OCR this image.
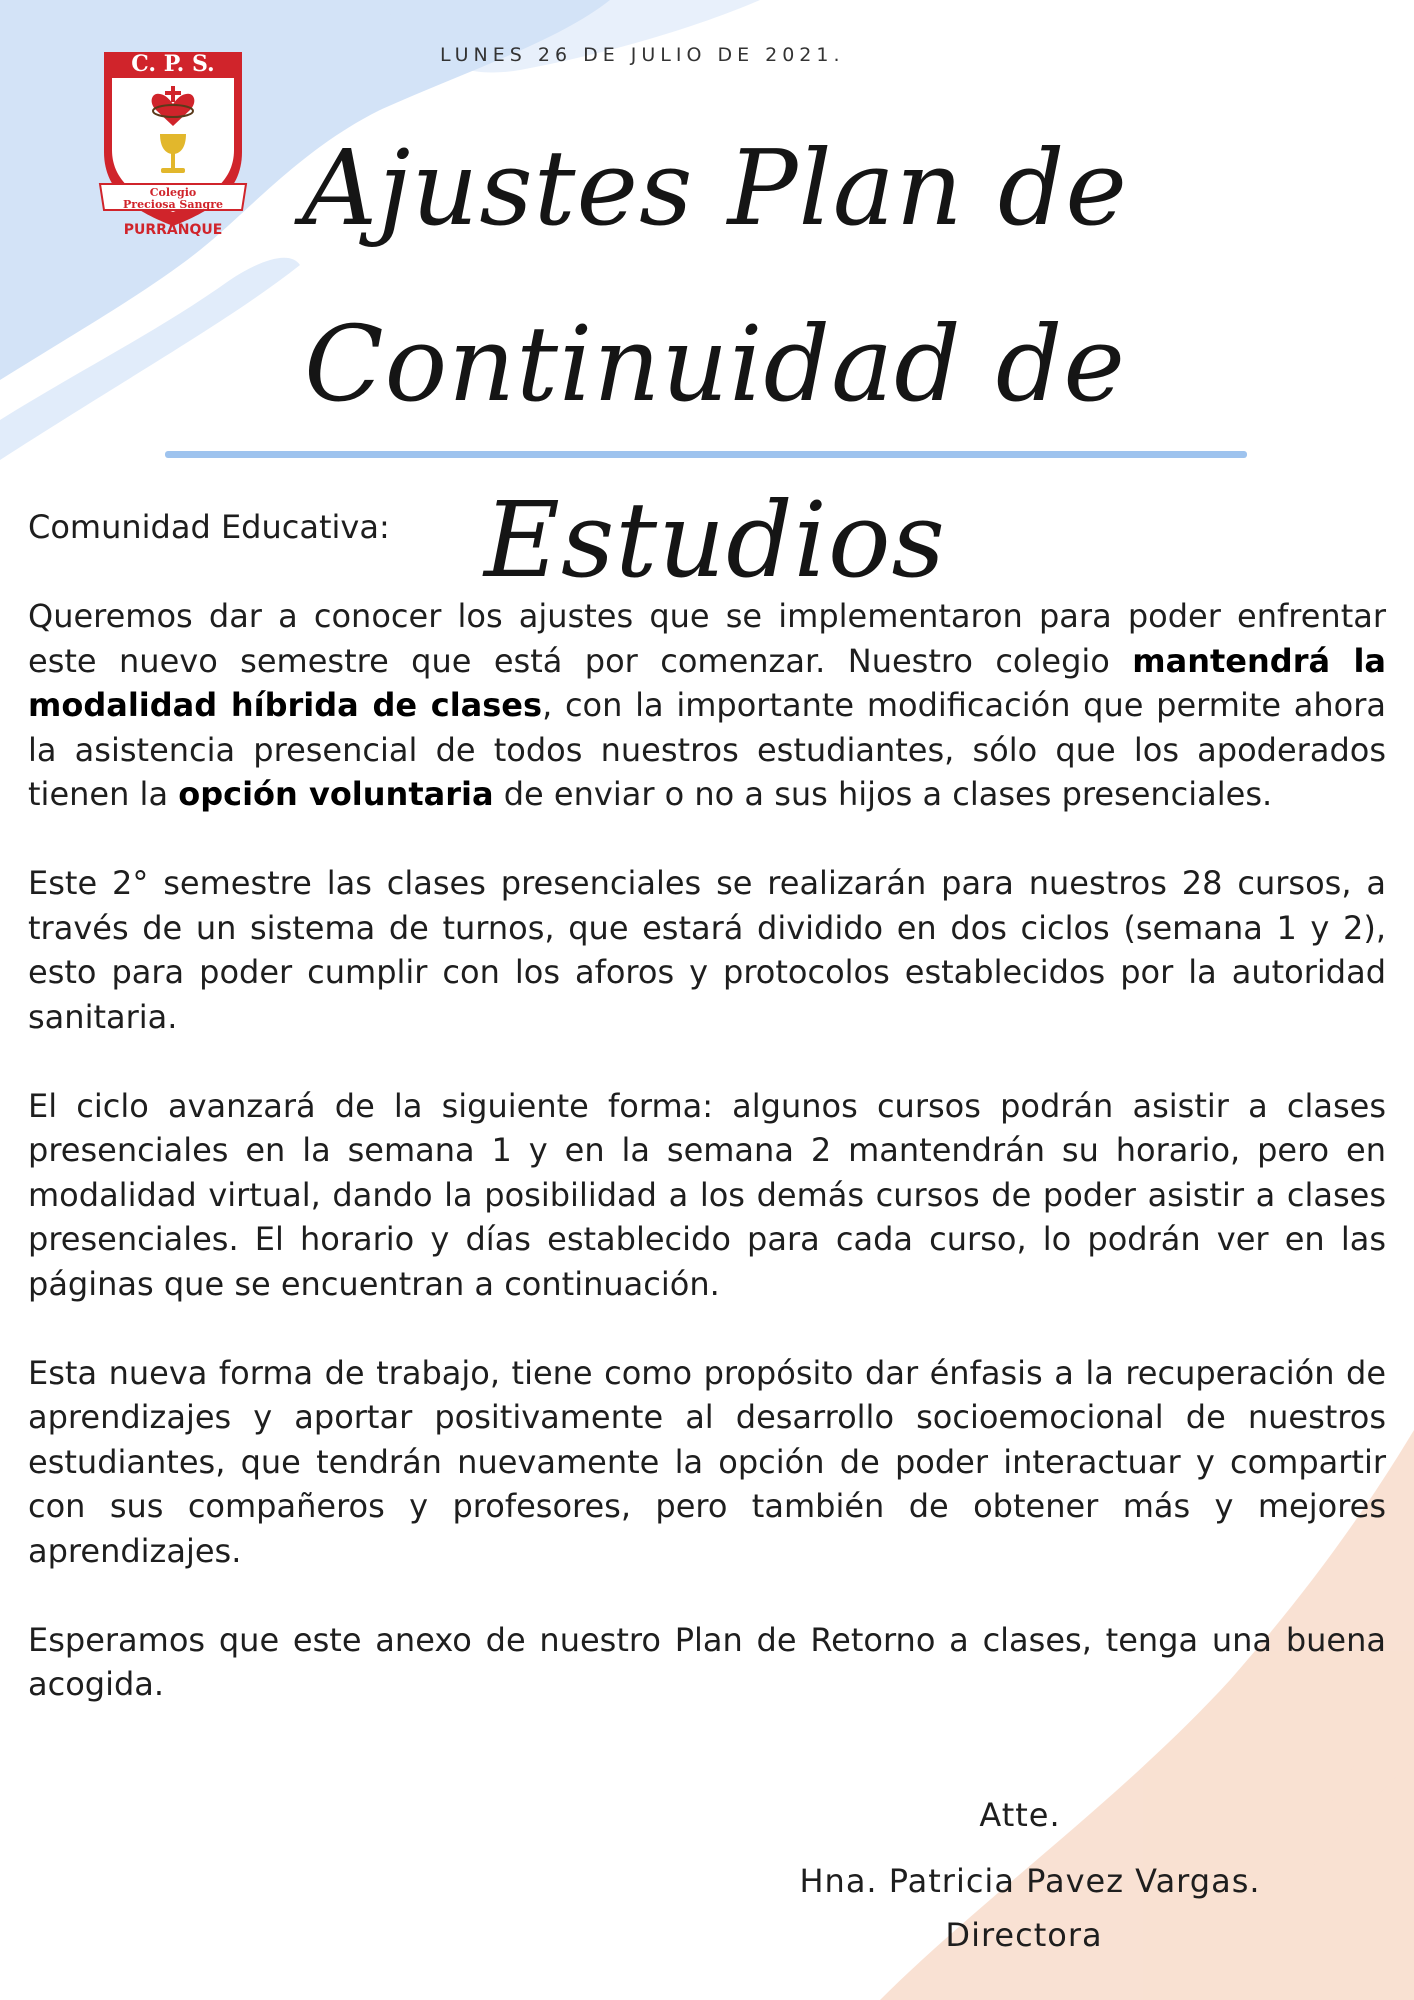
C. P. S.
Colegio
Preciosa Sangre
PURRANQUE
LUNES 26 DE JULIO DE 2021.
Ajustes Plan de
Continuidad de Estudios

Comunidad Educativa:

Queremos dar a conocer los ajustes que se implementaron para poder enfrentar este nuevo semestre que está por comenzar. Nuestro colegio mantendrá la modalidad híbrida de clases, con la importante modificación que permite ahora la asistencia presencial de todos nuestros estudiantes, sólo que los apoderados tienen la opción voluntaria de enviar o no a sus hijos a clases presenciales.

Este 2° semestre las clases presenciales se realizarán para nuestros 28 cursos, a través de un sistema de turnos, que estará dividido en dos ciclos (semana 1 y 2), esto para poder cumplir con los aforos y protocolos establecidos por la autoridad sanitaria.

El ciclo avanzará de la siguiente forma: algunos cursos podrán asistir a clases presenciales en la semana 1 y en la semana 2 mantendrán su horario, pero en modalidad virtual, dando la posibilidad a los demás cursos de poder asistir a clases presenciales. El horario y días establecido para cada curso, lo podrán ver en las páginas que se encuentran a continuación.

Esta nueva forma de trabajo, tiene como propósito dar énfasis a la recuperación de aprendizajes y aportar positivamente al desarrollo socioemocional de nuestros estudiantes, que tendrán nuevamente la opción de poder interactuar y compartir con sus compañeros y profesores, pero también de obtener más y mejores aprendizajes.

Esperamos que este anexo de nuestro Plan de Retorno a clases, tenga una buena acogida.

Atte.
Hna. Patricia Pavez Vargas.
Directora
